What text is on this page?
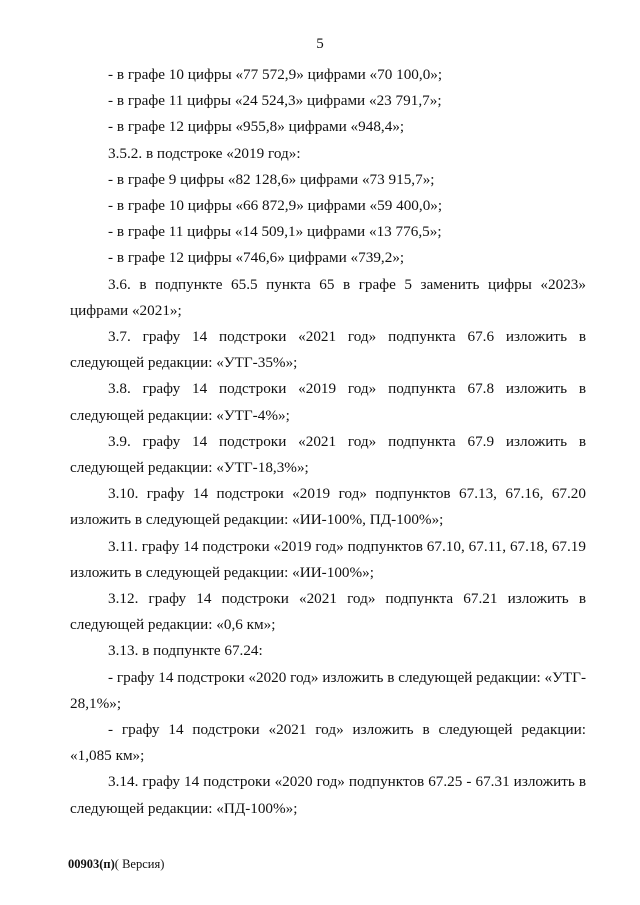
5

- в графе 10 цифры «77 572,9» цифрами «70 100,0»;

- в графе 11 цифры «24 524,3» цифрами «23 791,7»;

- в графе 12 цифры «955,8» цифрами «948,4»;

3.5.2. в подстроке «2019 год»:

- в графе 9 цифры «82 128,6» цифрами «73 915,7»;

- в графе 10 цифры «66 872,9» цифрами «59 400,0»;

- в графе 11 цифры «14 509,1» цифрами «13 776,5»;

- в графе 12 цифры «746,6» цифрами «739,2»;

3.6. в подпункте 65.5 пункта 65 в графе 5 заменить цифры «2023» цифрами «2021»;

3.7. графу 14 подстроки «2021 год» подпункта 67.6 изложить в следующей редакции: «УТГ-35%»;

3.8. графу 14 подстроки «2019 год» подпункта 67.8 изложить в следующей редакции: «УТГ-4%»;

3.9. графу 14 подстроки «2021 год» подпункта 67.9 изложить в следующей редакции: «УТГ-18,3%»;

3.10. графу 14 подстроки «2019 год» подпунктов 67.13, 67.16, 67.20 изложить в следующей редакции: «ИИ-100%, ПД-100%»;

3.11. графу 14 подстроки «2019 год» подпунктов 67.10, 67.11, 67.18, 67.19 изложить в следующей редакции: «ИИ-100%»;

3.12. графу 14 подстроки «2021 год» подпункта 67.21 изложить в следующей редакции: «0,6 км»;

3.13. в подпункте 67.24:

- графу 14 подстроки «2020 год» изложить в следующей редакции: «УТГ- 28,1%»;

- графу 14 подстроки «2021 год» изложить в следующей редакции: «1,085 км»;

3.14. графу 14 подстроки «2020 год» подпунктов 67.25 - 67.31 изложить в следующей редакции: «ПД-100%»;

00903(п)( Версия)
